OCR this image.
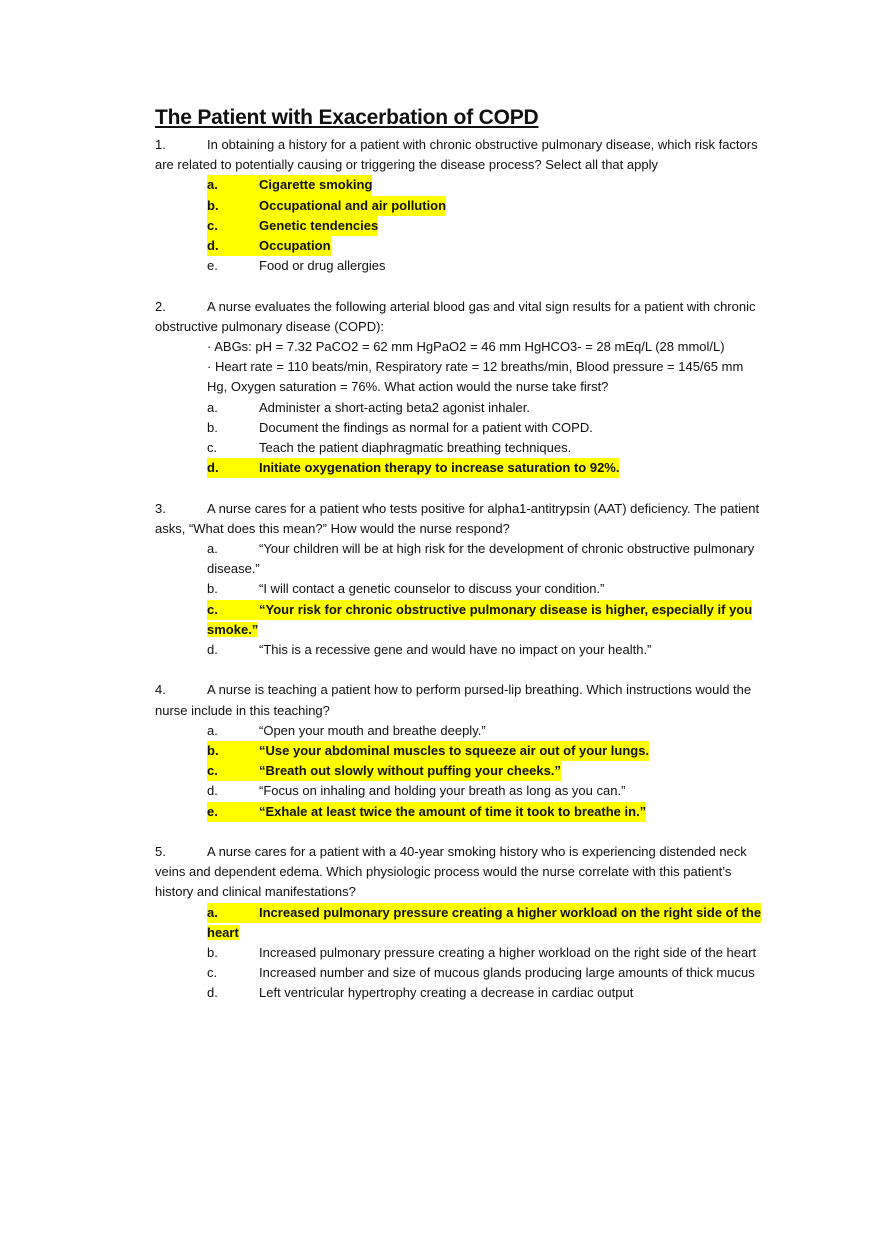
The Patient with Exacerbation of COPD
1.	In obtaining a history for a patient with chronic obstructive pulmonary disease, which risk factors
are related to potentially causing or triggering the disease process? Select all that apply
a.	Cigarette smoking
b.	Occupational and air pollution
c.	Genetic tendencies
d.	Occupation
e.	Food or drug allergies
2.	A nurse evaluates the following arterial blood gas and vital sign results for a patient with chronic
obstructive pulmonary disease (COPD):
· ABGs: pH = 7.32 PaCO2 = 62 mm HgPaO2 = 46 mm HgHCO3- = 28 mEq/L (28 mmol/L)
· Heart rate = 110 beats/min, Respiratory rate = 12 breaths/min, Blood pressure = 145/65 mm
Hg, Oxygen saturation = 76%. What action would the nurse take first?
a.	Administer a short-acting beta2 agonist inhaler.
b.	Document the findings as normal for a patient with COPD.
c.	Teach the patient diaphragmatic breathing techniques.
d.	Initiate oxygenation therapy to increase saturation to 92%.
3.	A nurse cares for a patient who tests positive for alpha1-antitrypsin (AAT) deficiency. The patient
asks, “What does this mean?” How would the nurse respond?
a.	“Your children will be at high risk for the development of chronic obstructive pulmonary
disease.”
b.	“I will contact a genetic counselor to discuss your condition.”
c.	“Your risk for chronic obstructive pulmonary disease is higher, especially if you
smoke.”
d.	“This is a recessive gene and would have no impact on your health.”
4.	A nurse is teaching a patient how to perform pursed-lip breathing. Which instructions would the
nurse include in this teaching?
a.	“Open your mouth and breathe deeply.”
b.	“Use your abdominal muscles to squeeze air out of your lungs.
c.	“Breath out slowly without puffing your cheeks.”
d.	“Focus on inhaling and holding your breath as long as you can.”
e.	“Exhale at least twice the amount of time it took to breathe in.”
5.	A nurse cares for a patient with a 40-year smoking history who is experiencing distended neck
veins and dependent edema. Which physiologic process would the nurse correlate with this patient’s
history and clinical manifestations?
a.	Increased pulmonary pressure creating a higher workload on the right side of the
heart
b.	Increased pulmonary pressure creating a higher workload on the right side of the heart
c.	Increased number and size of mucous glands producing large amounts of thick mucus
d.	Left ventricular hypertrophy creating a decrease in cardiac output
